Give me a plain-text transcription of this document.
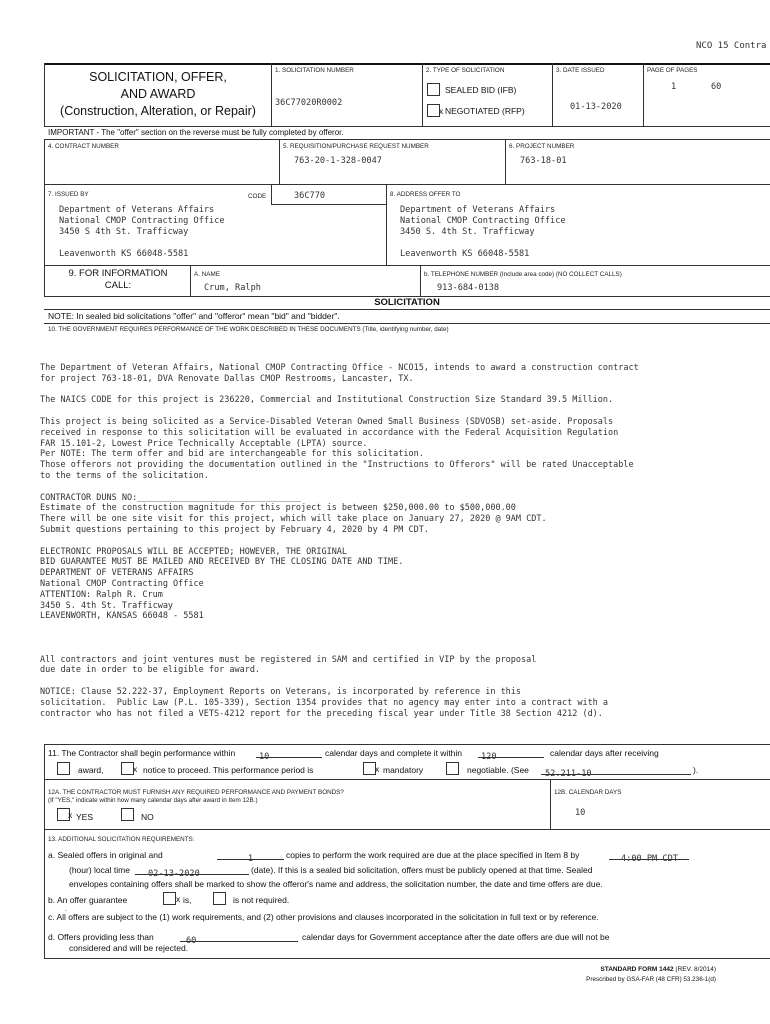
NCO 15 Contra
SOLICITATION, OFFER,
AND AWARD
(Construction, Alteration, or Repair)
1. SOLICITATION NUMBER
36C77020R0002
2. TYPE OF SOLICITATION
SEALED BID (IFB)
x NEGOTIATED (RFP)
3. DATE ISSUED
01-13-2020
PAGE OF PAGES
1	60
IMPORTANT - The "offer" section on the reverse must be fully completed by offeror.
4. CONTRACT NUMBER	5. REQUISITION/PURCHASE REQUEST NUMBER
763-20-1-328-0047
6. PROJECT NUMBER
763-18-01
7. ISSUED BY	CODE	36C770
Department of Veterans Affairs
National CMOP Contracting Office
3450 S 4th St. Trafficway
Leavenworth KS 66048-5581
8. ADDRESS OFFER TO
Department of Veterans Affairs
National CMOP Contracting Office
3450 S. 4th St. Trafficway
Leavenworth KS 66048-5581
9. FOR INFORMATION
CALL:
A. NAME
Crum, Ralph
b. TELEPHONE NUMBER (Include area code) (NO COLLECT CALLS)
913-684-0138
SOLICITATION
NOTE: In sealed bid solicitations "offer" and "offeror" mean "bid" and "bidder".
10. THE GOVERNMENT REQUIRES PERFORMANCE OF THE WORK DESCRIBED IN THESE DOCUMENTS (Title, identifying number, date)
The Department of Veteran Affairs, National CMOP Contracting Office - NCO15, intends to award a construction contract
for project 763-18-01, DVA Renovate Dallas CMOP Restrooms, Lancaster, TX.
The NAICS CODE for this project is 236220, Commercial and Institutional Construction Size Standard 39.5 Million.
This project is being solicited as a Service-Disabled Veteran Owned Small Business (SDVOSB) set-aside. Proposals
received in response to this solicitation will be evaluated in accordance with the Federal Acquisition Regulation
FAR 15.101-2, Lowest Price Technically Acceptable (LPTA) source.
Per NOTE: The term offer and bid are interchangeable for this solicitation.
Those offerors not providing the documentation outlined in the "Instructions to Offerors" will be rated Unacceptable
to the terms of the solicitation.
CONTRACTOR DUNS NO:________________________________
Estimate of the construction magnitude for this project is between $250,000.00 to $500,000.00
There will be one site visit for this project, which will take place on January 27, 2020 @ 9AM CDT.
Submit questions pertaining to this project by February 4, 2020 by 4 PM CDT.
ELECTRONIC PROPOSALS WILL BE ACCEPTED; HOWEVER, THE ORIGINAL
BID GUARANTEE MUST BE MAILED AND RECEIVED BY THE CLOSING DATE AND TIME.
DEPARTMENT OF VETERANS AFFAIRS
National CMOP Contracting Office
ATTENTION: Ralph R. Crum
3450 S. 4th St. Trafficway
LEAVENWORTH, KANSAS 66048 - 5581
All contractors and joint ventures must be registered in SAM and certified in VIP by the proposal
due date in order to be eligible for award.
NOTICE: Clause 52.222-37, Employment Reports on Veterans, is incorporated by reference in this
solicitation.  Public Law (P.L. 105-339), Section 1354 provides that no agency may enter into a contract with a
contractor who has not filed a VETS-4212 report for the preceding fiscal year under Title 38 Section 4212 (d).
11. The Contractor shall begin performance within	10	calendar days and complete it within	120	calendar days after receiving
award,	x notice to proceed. This performance period is	x mandatory	negotiable. (See	52.211-10	).
12A. THE CONTRACTOR MUST FURNISH ANY REQUIRED PERFORMANCE AND PAYMENT BONDS?
(If "YES," indicate within how many calendar days after award in Item 12B.)
x YES	NO
12B. CALENDAR DAYS
10
13. ADDITIONAL SOLICITATION REQUIREMENTS:
a. Sealed offers in original and	1	copies to perform the work required are due at the place specified in Item 8 by	4:00 PM CDT
(hour) local time	02-13-2020	(date). If this is a sealed bid solicitation, offers must be publicly opened at that time. Sealed
envelopes containing offers shall be marked to show the offeror's name and address, the solicitation number, the date and time offers are due.
b. An offer guarantee	x is,	is not required.
.
c. All offers are subject to the (1) work requirements, and (2) other provisions and clauses incorporated in the solicitation in full text or by reference.
d. Offers providing less than	60	calendar days for Government acceptance after the date offers are due will not be
considered and will be rejected.
STANDARD FORM 1442 (REV. 8/2014)
Prescribed by GSA-FAR (48 CFR) 53.236-1(d)
